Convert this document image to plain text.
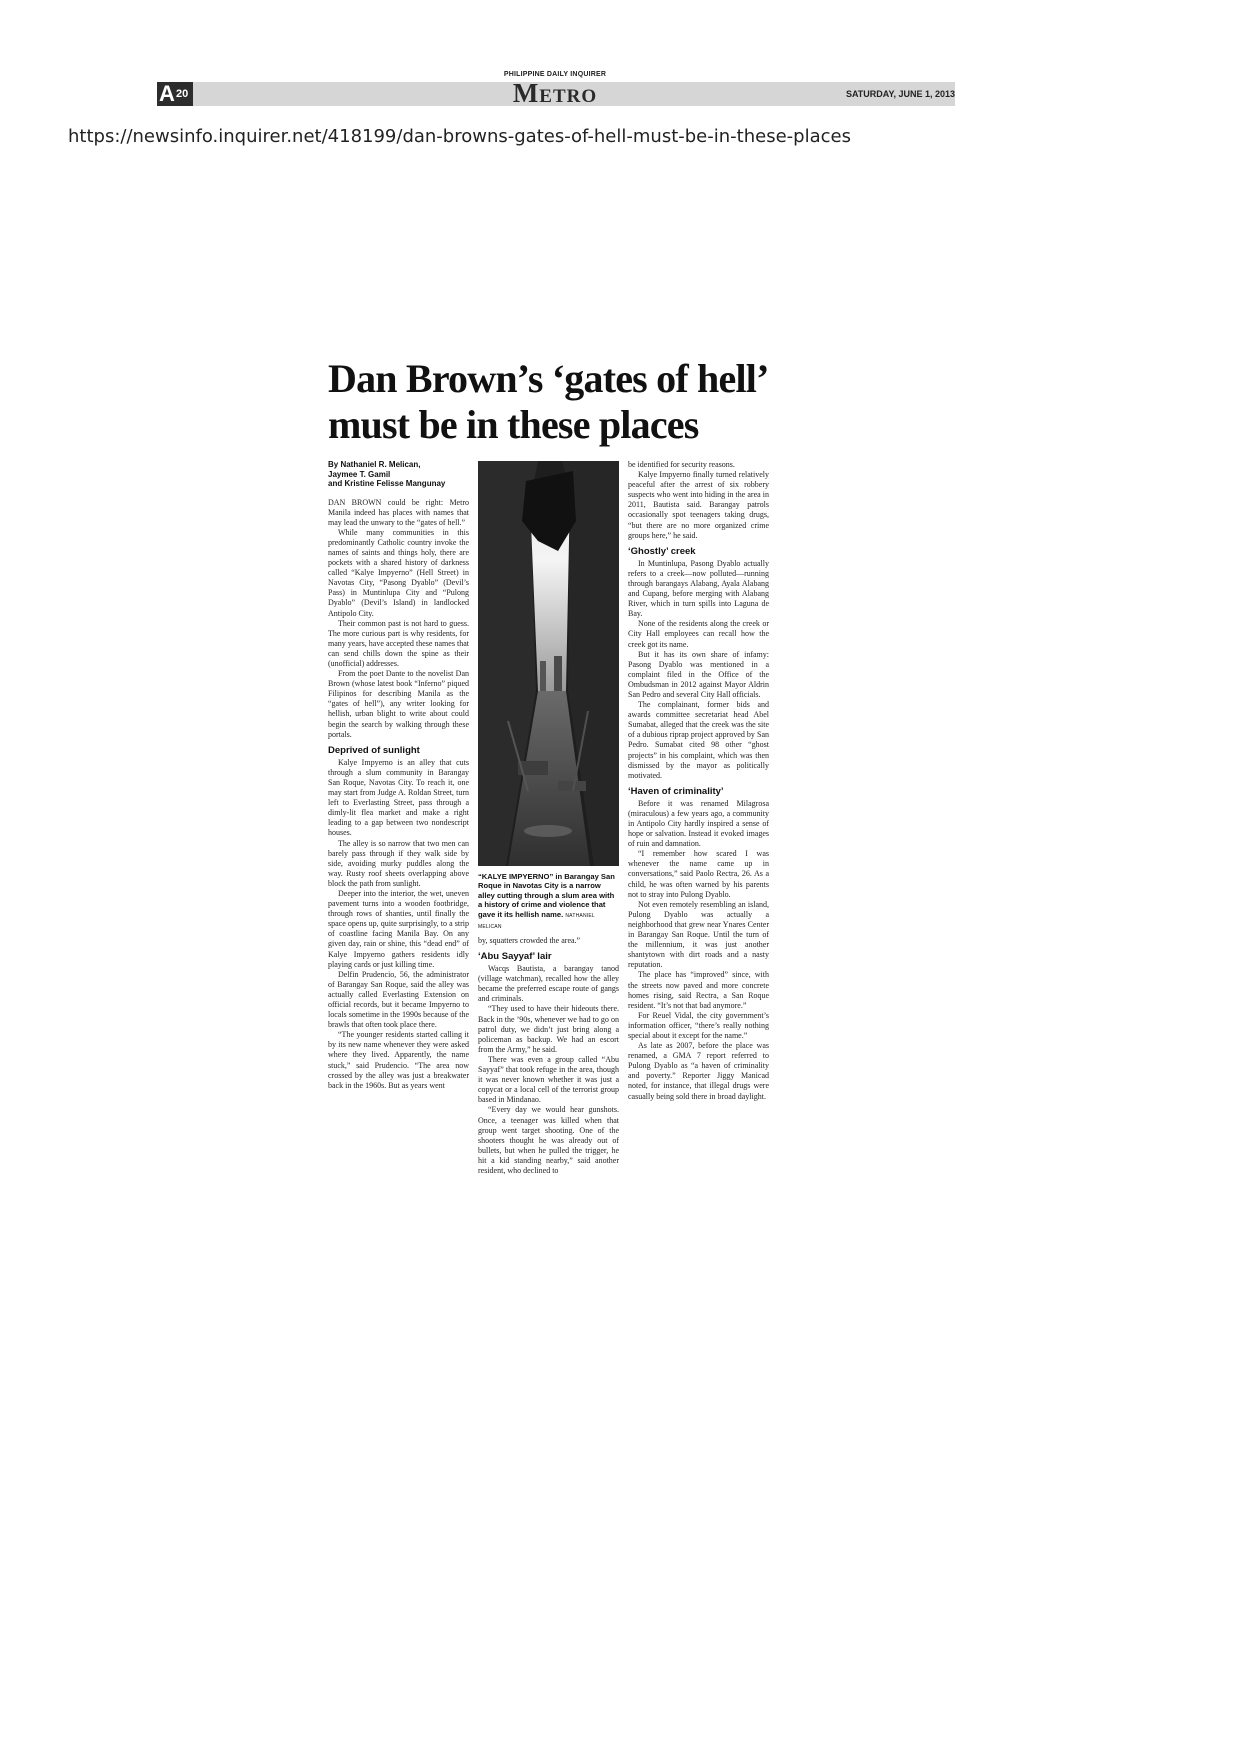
A 20
PHILIPPINE DAILY INQUIRER
Metro	SATURDAY, JUNE 1, 2013
https://newsinfo.inquirer.net/418199/dan-browns-gates-of-hell-must-be-in-these-places
Dan Brown’s ‘gates of hell’ must be in these places
By Nathaniel R. Melican,
Jaymee T. Gamil
and Kristine Felisse Mangunay

DAN BROWN could be right: Metro Manila indeed has places with names that may lead the unwary to the “gates of hell.”

While many communities in this predominantly Catholic country invoke the names of saints and things holy, there are pockets with a shared history of darkness called “Kalye Impyerno” (Hell Street) in Navotas City, “Pasong Dyablo” (Devil’s Pass) in Muntinlupa City and “Pulong Dyablo” (Devil’s Island) in landlocked Antipolo City.

Their common past is not hard to guess. The more curious part is why residents, for many years, have accepted these names that can send chills down the spine as their (unofficial) addresses.

From the poet Dante to the novelist Dan Brown (whose latest book “Inferno” piqued Filipinos for describing Manila as the “gates of hell”), any writer looking for hellish, urban blight to write about could begin the search by walking through these portals.

Deprived of sunlight

Kalye Impyerno is an alley that cuts through a slum community in Barangay San Roque, Navotas City. To reach it, one may start from Judge A. Roldan Street, turn left to Everlasting Street, pass through a dimly-lit flea market and make a right leading to a gap between two nondescript houses.

The alley is so narrow that two men can barely pass through if they walk side by side, avoiding murky puddles along the way. Rusty roof sheets overlapping above block the path from sunlight.

Deeper into the interior, the wet, uneven pavement turns into a wooden footbridge, through rows of shanties, until finally the space opens up, quite surprisingly, to a strip of coastline facing Manila Bay. On any given day, rain or shine, this “dead end” of Kalye Impyerno gathers residents idly playing cards or just killing time.

Delfin Prudencio, 56, the administrator of Barangay San Roque, said the alley was actually called Everlasting Extension on official records, but it became Impyerno to locals sometime in the 1990s because of the brawls that often took place there.

“The younger residents started calling it by its new name whenever they were asked where they lived. Apparently, the name stuck,” said Prudencio. “The area now crossed by the alley was just a breakwater back in the 1960s. But as years went

“KALYE IMPYERNO” in Barangay San Roque in Navotas City is a narrow alley cutting through a slum area with a history of crime and violence that gave it its hellish name. NATHANIEL MELICAN

by, squatters crowded the area.”

‘Abu Sayyaf’ lair

Wacqs Bautista, a barangay tanod (village watchman), recalled how the alley became the preferred escape route of gangs and criminals.

“They used to have their hideouts there. Back in the ’90s, whenever we had to go on patrol duty, we didn’t just bring along a policeman as backup. We had an escort from the Army,” he said.

There was even a group called “Abu Sayyaf” that took refuge in the area, though it was never known whether it was just a copycat or a local cell of the terrorist group based in Mindanao.

“Every day we would hear gunshots. Once, a teenager was killed when that group went target shooting. One of the shooters thought he was already out of bullets, but when he pulled the trigger, he hit a kid standing nearby,” said another resident, who declined to

be identified for security reasons.

Kalye Impyerno finally turned relatively peaceful after the arrest of six robbery suspects who went into hiding in the area in 2011, Bautista said. Barangay patrols occasionally spot teenagers taking drugs, “but there are no more organized crime groups here,” he said.

‘Ghostly’ creek

In Muntinlupa, Pasong Dyablo actually refers to a creek—now polluted—running through barangays Alabang, Ayala Alabang and Cupang, before merging with Alabang River, which in turn spills into Laguna de Bay.

None of the residents along the creek or City Hall employees can recall how the creek got its name.

But it has its own share of infamy: Pasong Dyablo was mentioned in a complaint filed in the Office of the Ombudsman in 2012 against Mayor Aldrin San Pedro and several City Hall officials.

The complainant, former bids and awards committee secretariat head Abel Sumabat, alleged that the creek was the site of a dubious riprap project approved by San Pedro. Sumabat cited 98 other “ghost projects” in his complaint, which was then dismissed by the mayor as politically motivated.

‘Haven of criminality’

Before it was renamed Milagrosa (miraculous) a few years ago, a community in Antipolo City hardly inspired a sense of hope or salvation. Instead it evoked images of ruin and damnation.

“I remember how scared I was whenever the name came up in conversations,” said Paolo Rectra, 26. As a child, he was often warned by his parents not to stray into Pulong Dyablo.

Not even remotely resembling an island, Pulong Dyablo was actually a neighborhood that grew near Ynares Center in Barangay San Roque. Until the turn of the millennium, it was just another shantytown with dirt roads and a nasty reputation.

The place has “improved” since, with the streets now paved and more concrete homes rising, said Rectra, a San Roque resident. “It’s not that bad anymore.”

For Reuel Vidal, the city government’s information officer, “there’s really nothing special about it except for the name.”

As late as 2007, before the place was renamed, a GMA 7 report referred to Pulong Dyablo as “a haven of criminality and poverty.” Reporter Jiggy Manicad noted, for instance, that illegal drugs were casually being sold there in broad daylight.
